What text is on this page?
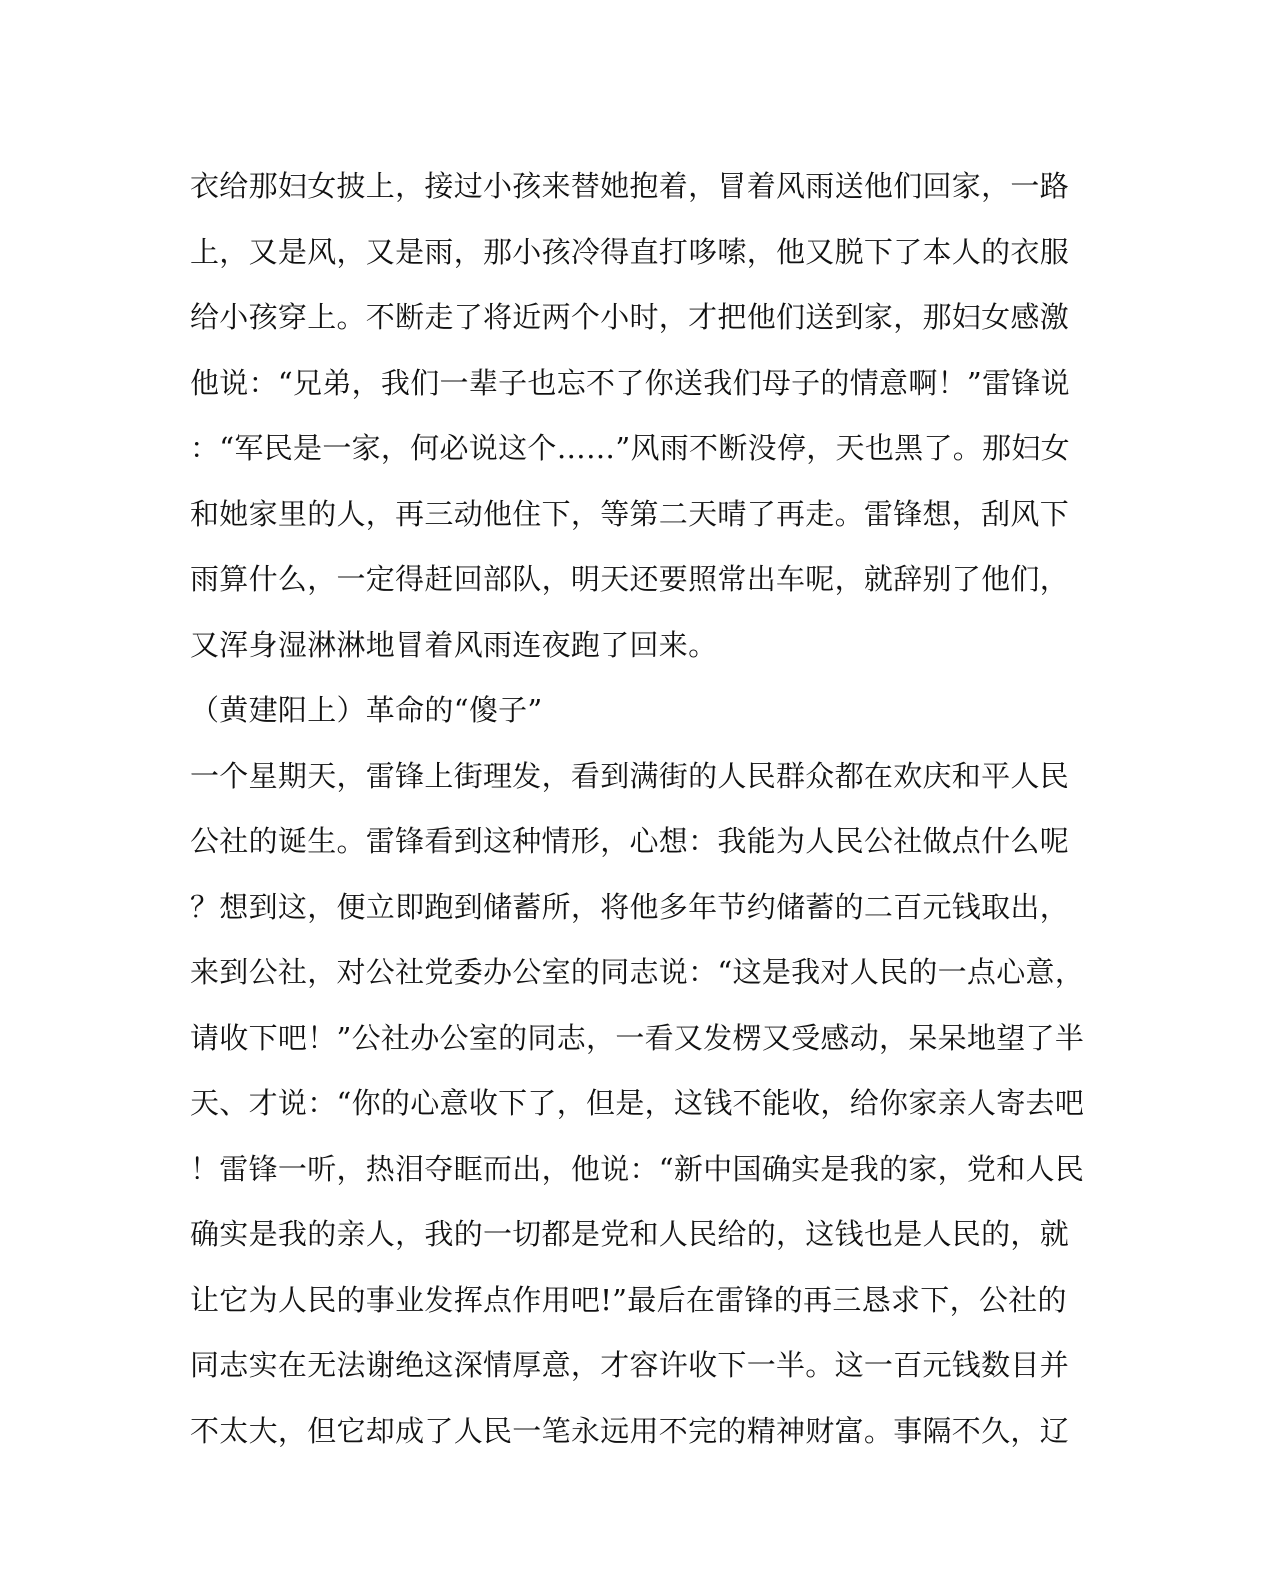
衣给那妇女披上，接过小孩来替她抱着，冒着风雨送他们回家，一路
上，又是风，又是雨，那小孩冷得直打哆嗦，他又脱下了本人的衣服
给小孩穿上。不断走了将近两个小时，才把他们送到家，那妇女感激
他说：“兄弟，我们一辈子也忘不了你送我们母子的情意啊！”雷锋说
：“军民是一家，何必说这个……”风雨不断没停，天也黑了。那妇女
和她家里的人，再三动他住下，等第二天晴了再走。雷锋想，刮风下
雨算什么，一定得赶回部队，明天还要照常出车呢，就辞别了他们，
又浑身湿淋淋地冒着风雨连夜跑了回来。
（黄建阳上）革命的“傻子”
一个星期天，雷锋上街理发，看到满街的人民群众都在欢庆和平人民
公社的诞生。雷锋看到这种情形，心想：我能为人民公社做点什么呢
？想到这，便立即跑到储蓄所，将他多年节约储蓄的二百元钱取出，
来到公社，对公社党委办公室的同志说：“这是我对人民的一点心意，
请收下吧！”公社办公室的同志，一看又发楞又受感动，呆呆地望了半
天、才说：“你的心意收下了，但是，这钱不能收，给你家亲人寄去吧
！雷锋一听，热泪夺眶而出，他说：“新中国确实是我的家，党和人民
确实是我的亲人，我的一切都是党和人民给的，这钱也是人民的，就
让它为人民的事业发挥点作用吧!”最后在雷锋的再三恳求下，公社的
同志实在无法谢绝这深情厚意，才容许收下一半。这一百元钱数目并
不太大，但它却成了人民一笔永远用不完的精神财富。事隔不久，辽
